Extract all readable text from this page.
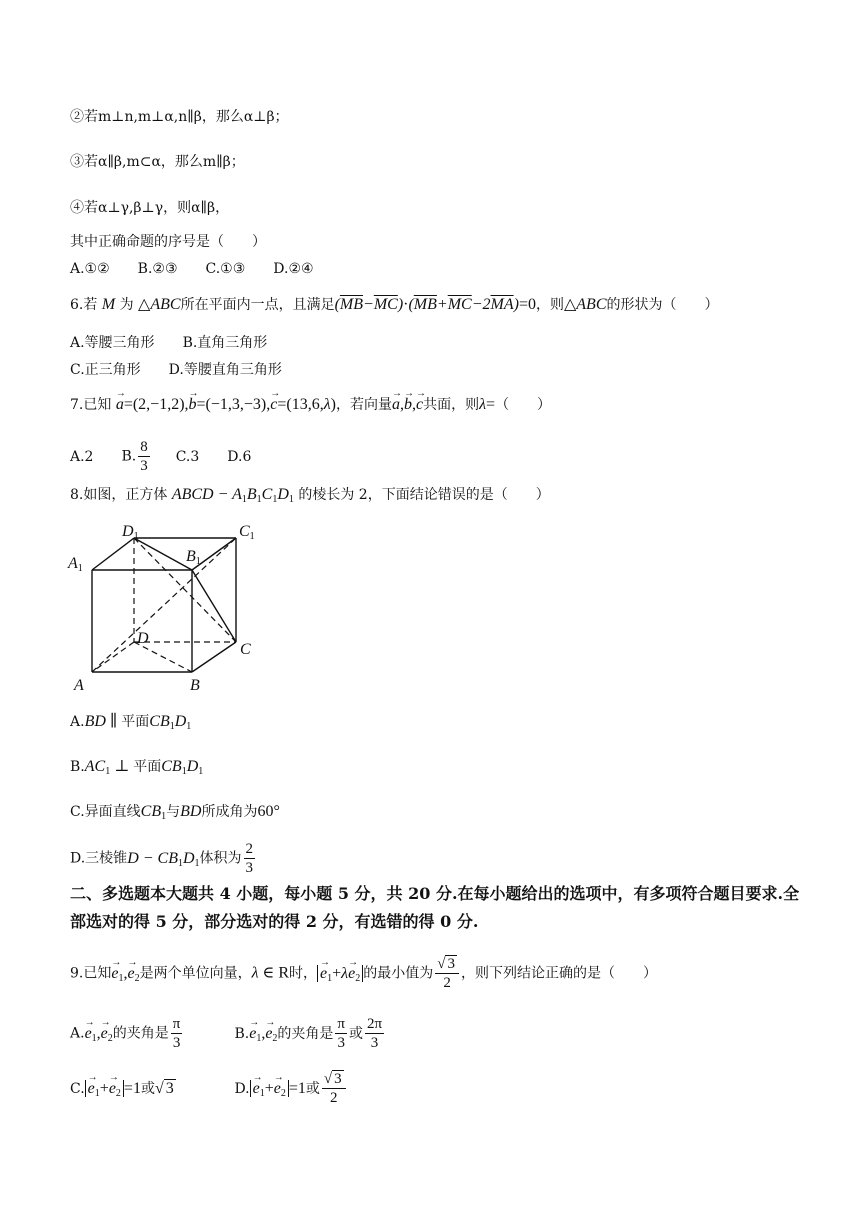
②若m⊥n,m⊥α,n∥β，那么α⊥β；
③若α∥β,m⊂α，那么m∥β；
④若α⊥γ,β⊥γ，则α∥β，
其中正确命题的序号是（　　）
A.①② B.②③ C.①③ D.②④
6.若 M 为 △ABC所在平面内一点，且满足$(\overline{MB}-\overline{MC})\cdot(\overline{MB}+\overline{MC}-2\overline{MA})=0$，则△ABC的形状为（　　）
A.等腰三角形 B.直角三角形
C.正三角形 D.等腰直角三角形
7.已知 → a=(2,−1,2),→ b=(−1,3,−3),→ c=(13,6,λ)，若向量→ a,→ b,→ c共面，则λ=（　　）
A.2 B. $\frac{8}{3} C.3$ D.6
8.如图，正方体 ABCD − $A_1B_1C_1D_1$ 的棱长为 2，下面结论错误的是（　　）
D1	C1
B1
A1
D
C
A	B
A.BD ∥ 平面$CB_1D_1$
$B.AC_1$ ⊥ 平面$CB_1D_1$
C.异面直线$CB_1$与BD所成角为60°
D.三棱锥$D - CB_1D_1$体积为 $\frac{2}{3}$
二、多选题本大题共 4 小题，每小题 5 分，共 20 分.在每小题给出的选项中，有多项符合题目要求.全部选对的得 5 分，部分选对的得 2 分，有选错的得 0 分.
9.已知→ $e_1,\to e_2$是两个单位向量，λ ∈ R时， → $e_1+\lambda\to e_2$ 的最小值为 $\frac{√ 3}{2}$ ，则下列结论正确的是（　　）
$A.\to e_1,\to e_2$的夹角是 $\frac{\pi}{3}$	$B.\to e_1,\to e_2$的夹角是 $\frac{\pi}{3}$ 或 $\frac{2\pi}{3}$
C. → $e_1+\to e_2 =1$或√ 3	D. → $e_1+\to e_2 =1$或 $\frac{√ 3}{2}$
